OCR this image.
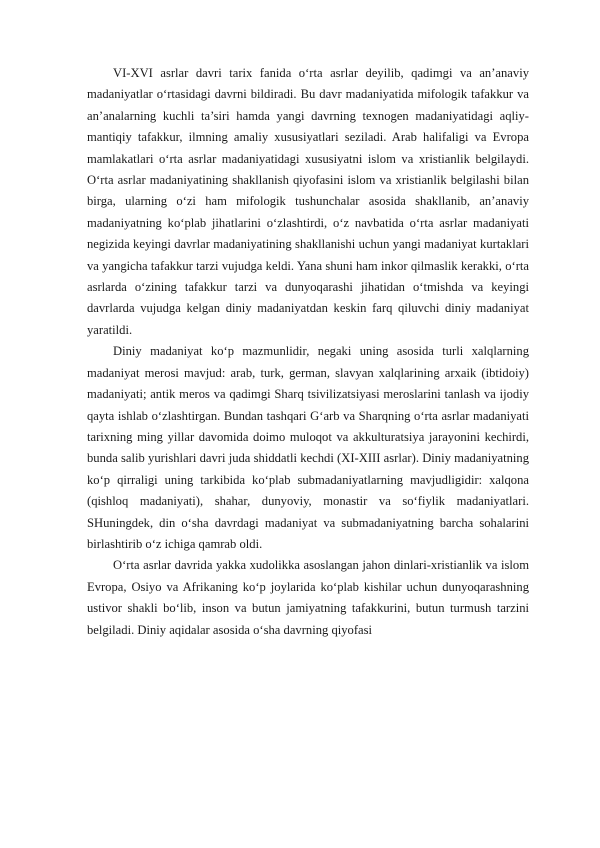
VI-XVI asrlar davri tarix fanida o‘rta asrlar deyilib, qadimgi va an’anaviy madaniyatlar o‘rtasidagi davrni bildiradi. Bu davr madaniyatida mifologik tafakkur va an’analarning kuchli ta’siri hamda yangi davrning texnogen madaniyatidagi aqliy-mantiqiy tafakkur, ilmning amaliy xususiyatlari seziladi. Arab halifaligi va Evropa mamlakatlari o‘rta asrlar madaniyatidagi xususiyatni islom va xristianlik belgilaydi. O‘rta asrlar madaniyatining shakllanish qiyofasini islom va xristianlik belgilashi bilan birga, ularning o‘zi ham mifologik tushunchalar asosida shakllanib, an’anaviy madaniyatning ko‘plab jihatlarini o‘zlashtirdi, o‘z navbatida o‘rta asrlar madaniyati negizida keyingi davrlar madaniyatining shakllanishi uchun yangi madaniyat kurtaklari va yangicha tafakkur tarzi vujudga keldi. Yana shuni ham inkor qilmaslik kerakki, o‘rta asrlarda o‘zining tafakkur tarzi va dunyoqarashi jihatidan o‘tmishda va keyingi davrlarda vujudga kelgan diniy madaniyatdan keskin farq qiluvchi diniy madaniyat yaratildi.

Diniy madaniyat ko‘p mazmunlidir, negaki uning asosida turli xalqlarning madaniyat merosi mavjud: arab, turk, german, slavyan xalqlarining arxaik (ibtidoiy) madaniyati; antik meros va qadimgi Sharq tsivilizatsiyasi meroslarini tanlash va ijodiy qayta ishlab o‘zlashtirgan. Bundan tashqari G‘arb va Sharqning o‘rta asrlar madaniyati tarixning ming yillar davomida doimo muloqot va akkulturatsiya jarayonini kechirdi, bunda salib yurishlari davri juda shiddatli kechdi (XI-XIII asrlar). Diniy madaniyatning ko‘p qirraligi uning tarkibida ko‘plab submadaniyatlarning mavjudligidir: xalqona (qishloq madaniyati), shahar, dunyoviy, monastir va so‘fiylik madaniyatlari. SHuningdek, din o‘sha davrdagi madaniyat va submadaniyatning barcha sohalarini birlashtirib o‘z ichiga qamrab oldi.

O‘rta asrlar davrida yakka xudolikka asoslangan jahon dinlari-xristianlik va islom Evropa, Osiyo va Afrikaning ko‘p joylarida ko‘plab kishilar uchun dunyoqarashning ustivor shakli bo‘lib, inson va butun jamiyatning tafakkurini, butun turmush tarzini belgiladi. Diniy aqidalar asosida o‘sha davrning qiyofasi
